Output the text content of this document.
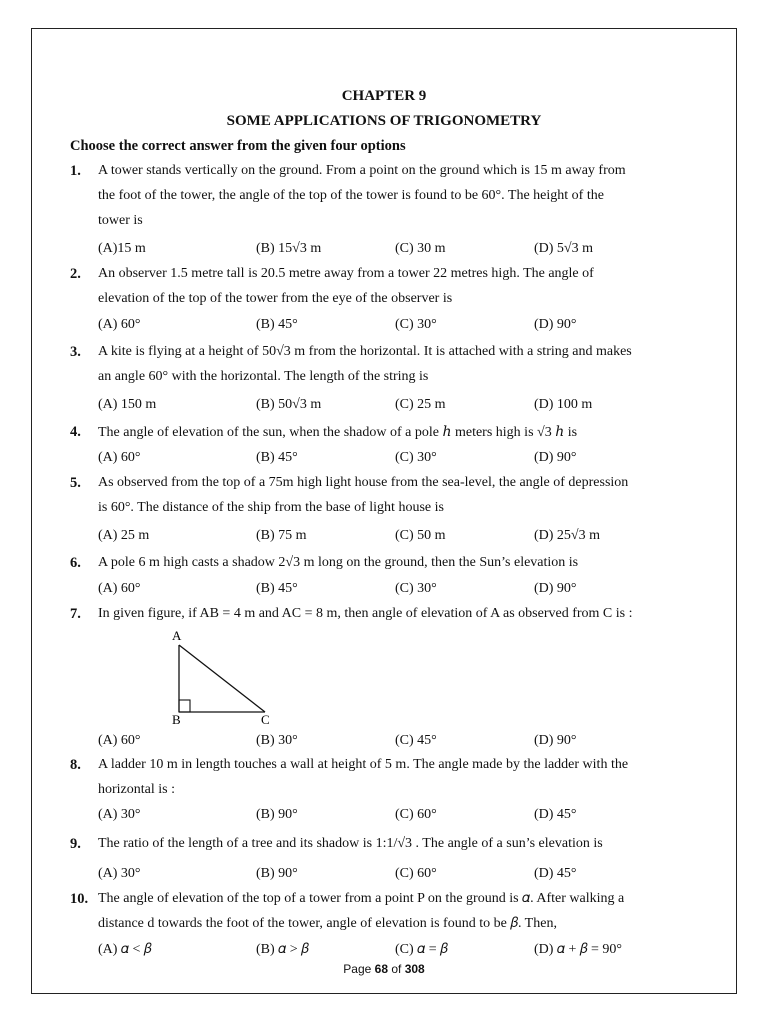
CHAPTER 9
SOME APPLICATIONS OF TRIGONOMETRY
Choose the correct answer from the given four options
1. A tower stands vertically on the ground. From a point on the ground which is 15 m away from
the foot of the tower, the angle of the top of the tower is found to be 60°. The height of the
tower is
(A)15 m	(B) 15√3 m	(C) 30 m	(D) 5√3 m
2. An observer 1.5 metre tall is 20.5 metre away from a tower 22 metres high. The angle of
elevation of the top of the tower from the eye of the observer is
(A) 60°	(B) 45°	(C) 30°	(D) 90°
3. A kite is flying at a height of 50√3 m from the horizontal. It is attached with a string and makes
an angle 60° with the horizontal. The length of the string is
(A) 150 m	(B) 50√3 m	(C) 25 m	(D) 100 m
4. The angle of elevation of the sun, when the shadow of a pole ℎ meters high is √3 ℎ is
(A) 60°	(B) 45°	(C) 30°	(D) 90°
5. As observed from the top of a 75m high light house from the sea-level, the angle of depression
is 60°. The distance of the ship from the base of light house is
(A) 25 m	(B) 75 m	(C) 50 m	(D) 25√3 m
6. A pole 6 m high casts a shadow 2√3 m long on the ground, then the Sun’s elevation is
(A) 60°	(B) 45°	(C) 30°	(D) 90°
7. In given figure, if AB = 4 m and AC = 8 m, then angle of elevation of A as observed from C is :
A
B	C
(A) 60°	(B) 30°	(C) 45°	(D) 90°
8. A ladder 10 m in length touches a wall at height of 5 m. The angle made by the ladder with the
horizontal is :
(A) 30°	(B) 90°	(C) 60°	(D) 45°
9. The ratio of the length of a tree and its shadow is 1:1/√3 . The angle of a sun’s elevation is
(A) 30°	(B) 90°	(C) 60°	(D) 45°
10. The angle of elevation of the top of a tower from a point P on the ground is 𝛼. After walking a
distance d towards the foot of the tower, angle of elevation is found to be 𝛽. Then,
(A) 𝛼 < 𝛽	(B) 𝛼 > 𝛽	(C) 𝛼 = 𝛽	(D) 𝛼 + 𝛽 = 90°
Page 68 of 308
